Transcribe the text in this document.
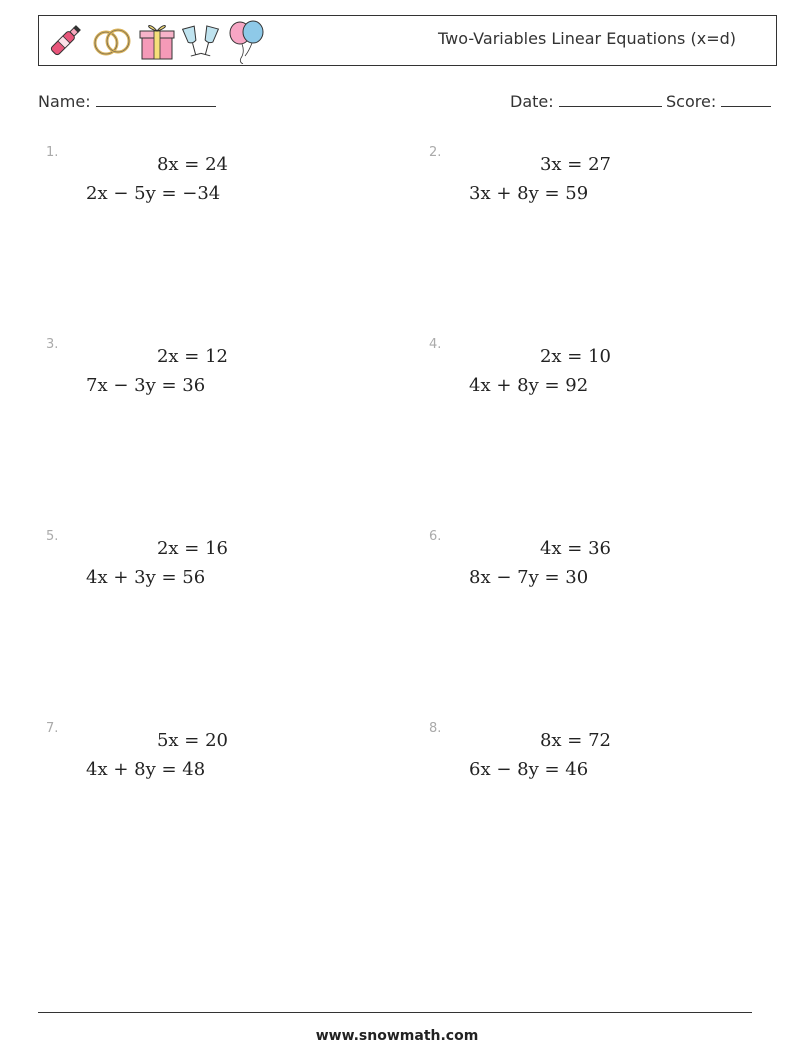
Two-Variables Linear Equations (x=d)
Name:	Date:	Score:
1.
8x = 24
2x − 5y = −34
2.
3x = 27
3x + 8y = 59
3.
2x = 12
7x − 3y = 36
4.
2x = 10
4x + 8y = 92
5.
2x = 16
4x + 3y = 56
6.
4x = 36
8x − 7y = 30
7.
5x = 20
4x + 8y = 48
8.
8x = 72
6x − 8y = 46
www.snowmath.com
